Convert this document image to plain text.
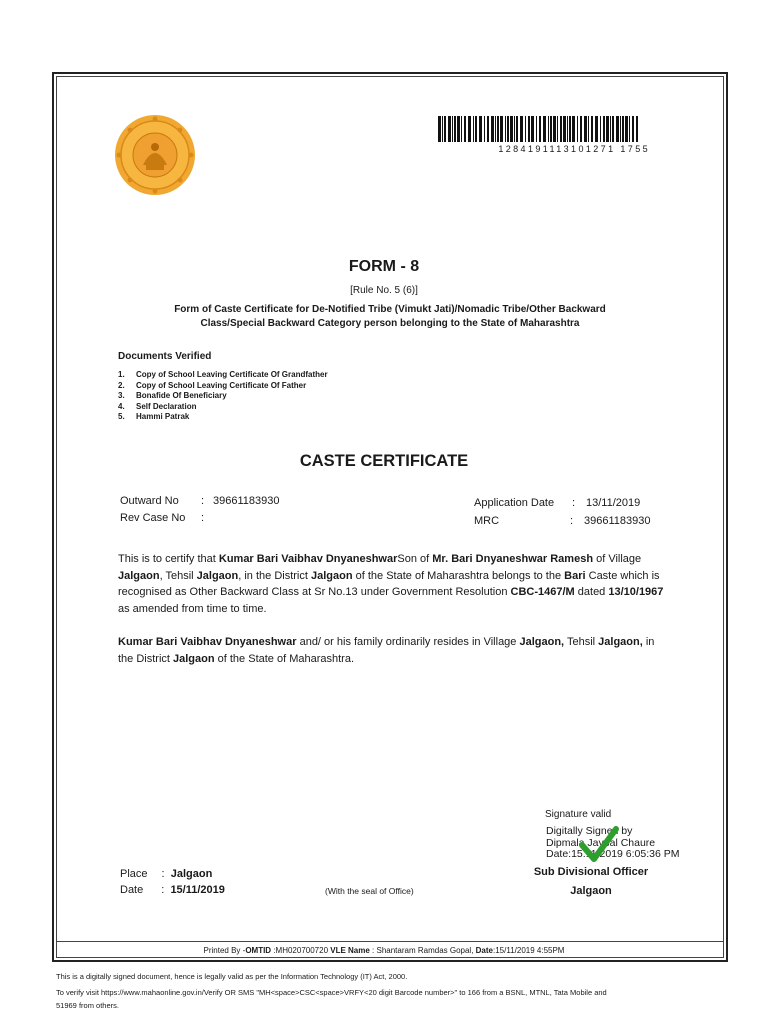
1284191113101271 1755
FORM - 8
[Rule No. 5 (6)]
Form of Caste Certificate for De-Notified Tribe (Vimukt Jati)/Nomadic Tribe/Other Backward
Class/Special Backward Category person belonging to the State of Maharashtra
Documents Verified
1. Copy of School Leaving Certificate Of Grandfather
2. Copy of School Leaving Certificate Of Father
3. Bonafide Of Beneficiary
4. Self Declaration
5. Hammi Patrak
CASTE CERTIFICATE
Outward No : 39661183930
Rev Case No :
Application Date : 13/11/2019
MRC	: 39661183930
This is to certify that Kumar Bari Vaibhav DnyaneshwarSon of Mr. Bari Dnyaneshwar Ramesh of Village Jalgaon, Tehsil Jalgaon, in the District Jalgaon of the State of Maharashtra belongs to the Bari Caste which is recognised as Other Backward Class at Sr No.13 under Government Resolution CBC-1467/M dated 13/10/1967 as amended from time to time.
Kumar Bari Vaibhav Dnyaneshwar and/ or his family ordinarily resides in Village Jalgaon, Tehsil Jalgaon, in the District Jalgaon of the State of Maharashtra.
Signature valid
Digitally Signed by
Dipmala Jaypal Chaure
Date:15.11.2019 6:05:36 PM
Sub Divisional Officer
Jalgaon
Place : Jalgaon
Date : 15/11/2019	(With the seal of Office)
Printed By -OMTID :MH020700720 VLE Name : Shantaram Ramdas Gopal, Date:15/11/2019 4:55PM
This is a digitally signed document, hence is legally valid as per the Information Technology (IT) Act, 2000.
To verify visit https://www.mahaonline.gov.in/Verify OR SMS "MH<space>CSC<space>VRFY<20 digit Barcode number>" to 166 from a BSNL, MTNL, Tata Mobile and
51969 from others.
